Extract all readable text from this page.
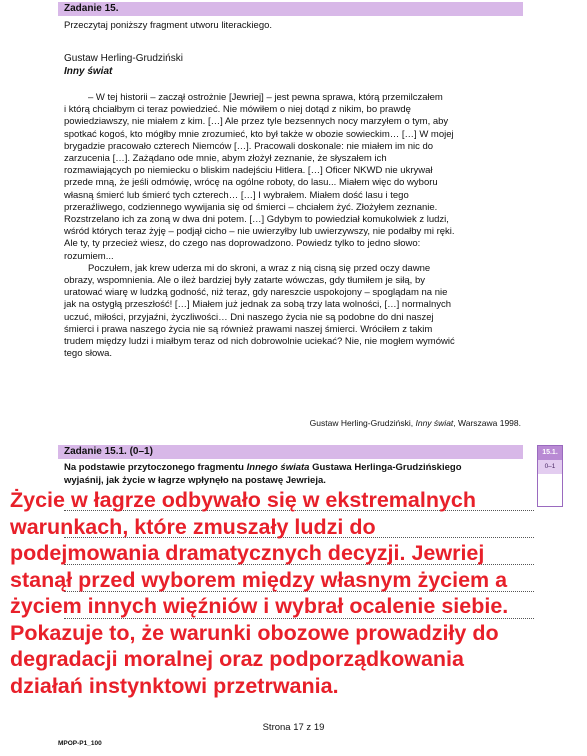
Zadanie 15.
Przeczytaj poniższy fragment utworu literackiego.
Gustaw Herling-Grudziński
Inny świat

– W tej historii – zaczął ostrożnie [Jewriej] – jest pewna sprawa, którą przemilczałem
i którą chciałbym ci teraz powiedzieć. Nie mówiłem o niej dotąd z nikim, bo prawdę
powiedziawszy, nie miałem z kim. […] Ale przez tyle bezsennych nocy marzyłem o tym, aby
spotkać kogoś, kto mógłby mnie zrozumieć, kto był także w obozie sowieckim… […] W mojej
brygadzie pracowało czterech Niemców […]. Pracowali doskonale: nie miałem im nic do
zarzucenia […]. Zażądano ode mnie, abym złożył zeznanie, że słyszałem ich
rozmawiających po niemiecku o bliskim nadejściu Hitlera. […] Oficer NKWD nie ukrywał
przede mną, że jeśli odmówię, wrócę na ogólne roboty, do lasu... Miałem więc do wyboru
własną śmierć lub śmierć tych czterech… […] I wybrałem. Miałem dość lasu i tego
przeraźliwego, codziennego wywijania się od śmierci – chciałem żyć. Złożyłem zeznanie.
Rozstrzelano ich za zoną w dwa dni potem. […] Gdybym to powiedział komukolwiek z ludzi,
wśród których teraz żyję – podjął cicho – nie uwierzyłby lub uwierzywszy, nie podałby mi ręki.
Ale ty, ty przecież wiesz, do czego nas doprowadzono. Powiedz tylko to jedno słowo:
rozumiem...

Poczułem, jak krew uderza mi do skroni, a wraz z nią cisną się przed oczy dawne
obrazy, wspomnienia. Ale o ileż bardziej były zatarte wówczas, gdy tłumiłem je siłą, by
uratować wiarę w ludzką godność, niż teraz, gdy nareszcie uspokojony – spoglądam na nie
jak na ostygłą przeszłość! […] Miałem już jednak za sobą trzy lata wolności, […] normalnych
uczuć, miłości, przyjaźni, życzliwości… Dni naszego życia nie są podobne do dni naszej
śmierci i prawa naszego życia nie są również prawami naszej śmierci. Wróciłem z takim
trudem między ludzi i miałbym teraz od nich dobrowolnie uciekać? Nie, nie mogłem wymówić
tego słowa.

Gustaw Herling-Grudziński, Inny świat, Warszawa 1998.
Zadanie 15.1. (0–1)	15.1.
0–1
Na podstawie przytoczonego fragmentu Innego świata Gustawa Herlinga-Grudzińskiego wyjaśnij, jak życie w łagrze wpłynęło na postawę Jewrieja.

Życie w łagrze odbywało się w ekstremalnych

warunkach, które zmuszały ludzi do

podejmowania dramatycznych decyzji. Jewriej

stanął przed wyborem między własnym życiem a

życiem innych więźniów i wybrał ocalenie siebie.

Pokazuje to, że warunki obozowe prowadziły do

degradacji moralnej oraz podporządkowania

działań instynktowi przetrwania.

Strona 17 z 19
MPOP-P1_100
